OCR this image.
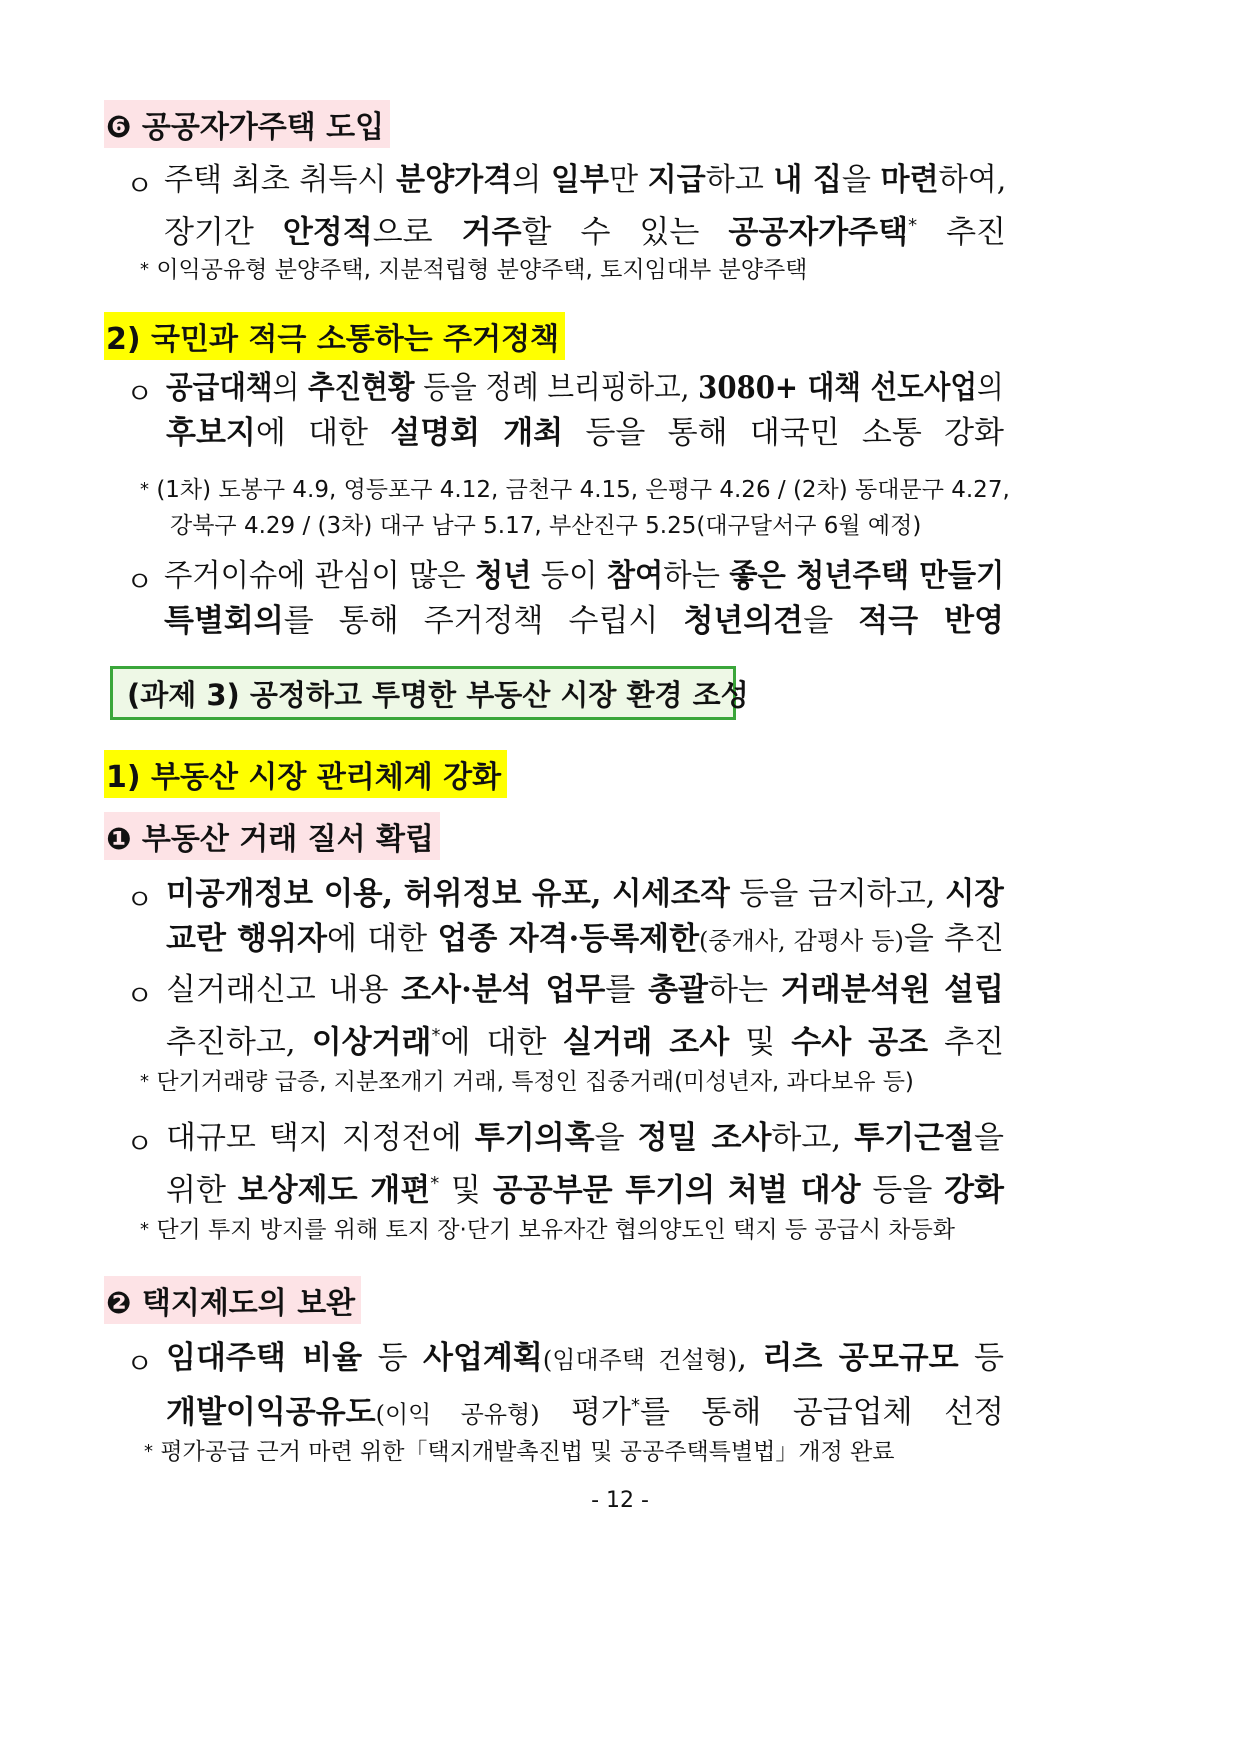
❻ 공공자가주택 도입
ㅇ 주택 최초 취득시 분양가격의 일부만 지급하고 내 집을 마련하여,
장기간 안정적으로 거주할 수 있는 공공자가주택* 추진
* 이익공유형 분양주택, 지분적립형 분양주택, 토지임대부 분양주택
2) 국민과 적극 소통하는 주거정책
ㅇ 공급대책의 추진현황 등을 정례 브리핑하고, 3080+ 대책 선도사업의
후보지에 대한 설명회 개최 등을 통해 대국민 소통 강화
* (1차) 도봉구 4.9, 영등포구 4.12, 금천구 4.15, 은평구 4.26 / (2차) 동대문구 4.27,
강북구 4.29 / (3차) 대구 남구 5.17, 부산진구 5.25(대구달서구 6월 예정)
ㅇ 주거이슈에 관심이 많은 청년 등이 참여하는 좋은 청년주택 만들기
특별회의를 통해 주거정책 수립시 청년의견을 적극 반영
(과제 3) 공정하고 투명한 부동산 시장 환경 조성
1) 부동산 시장 관리체계 강화
❶ 부동산 거래 질서 확립
ㅇ 미공개정보 이용, 허위정보 유포, 시세조작 등을 금지하고, 시장
교란 행위자에 대한 업종 자격·등록제한(중개사, 감평사 등)을 추진
ㅇ 실거래신고 내용 조사·분석 업무를 총괄하는 거래분석원 설립
추진하고, 이상거래*에 대한 실거래 조사 및 수사 공조 추진
* 단기거래량 급증, 지분쪼개기 거래, 특정인 집중거래(미성년자, 과다보유 등)
ㅇ 대규모 택지 지정전에 투기의혹을 정밀 조사하고, 투기근절을
위한 보상제도 개편* 및 공공부문 투기의 처벌 대상 등을 강화
* 단기 투지 방지를 위해 토지 장·단기 보유자간 협의양도인 택지 등 공급시 차등화
❷ 택지제도의 보완
ㅇ 임대주택 비율 등 사업계획(임대주택 건설형), 리츠 공모규모 등
개발이익공유도(이익 공유형) 평가*를 통해 공급업체 선정
* 평가공급 근거 마련 위한「택지개발촉진법 및 공공주택특별법」개정 완료
- 12 -
